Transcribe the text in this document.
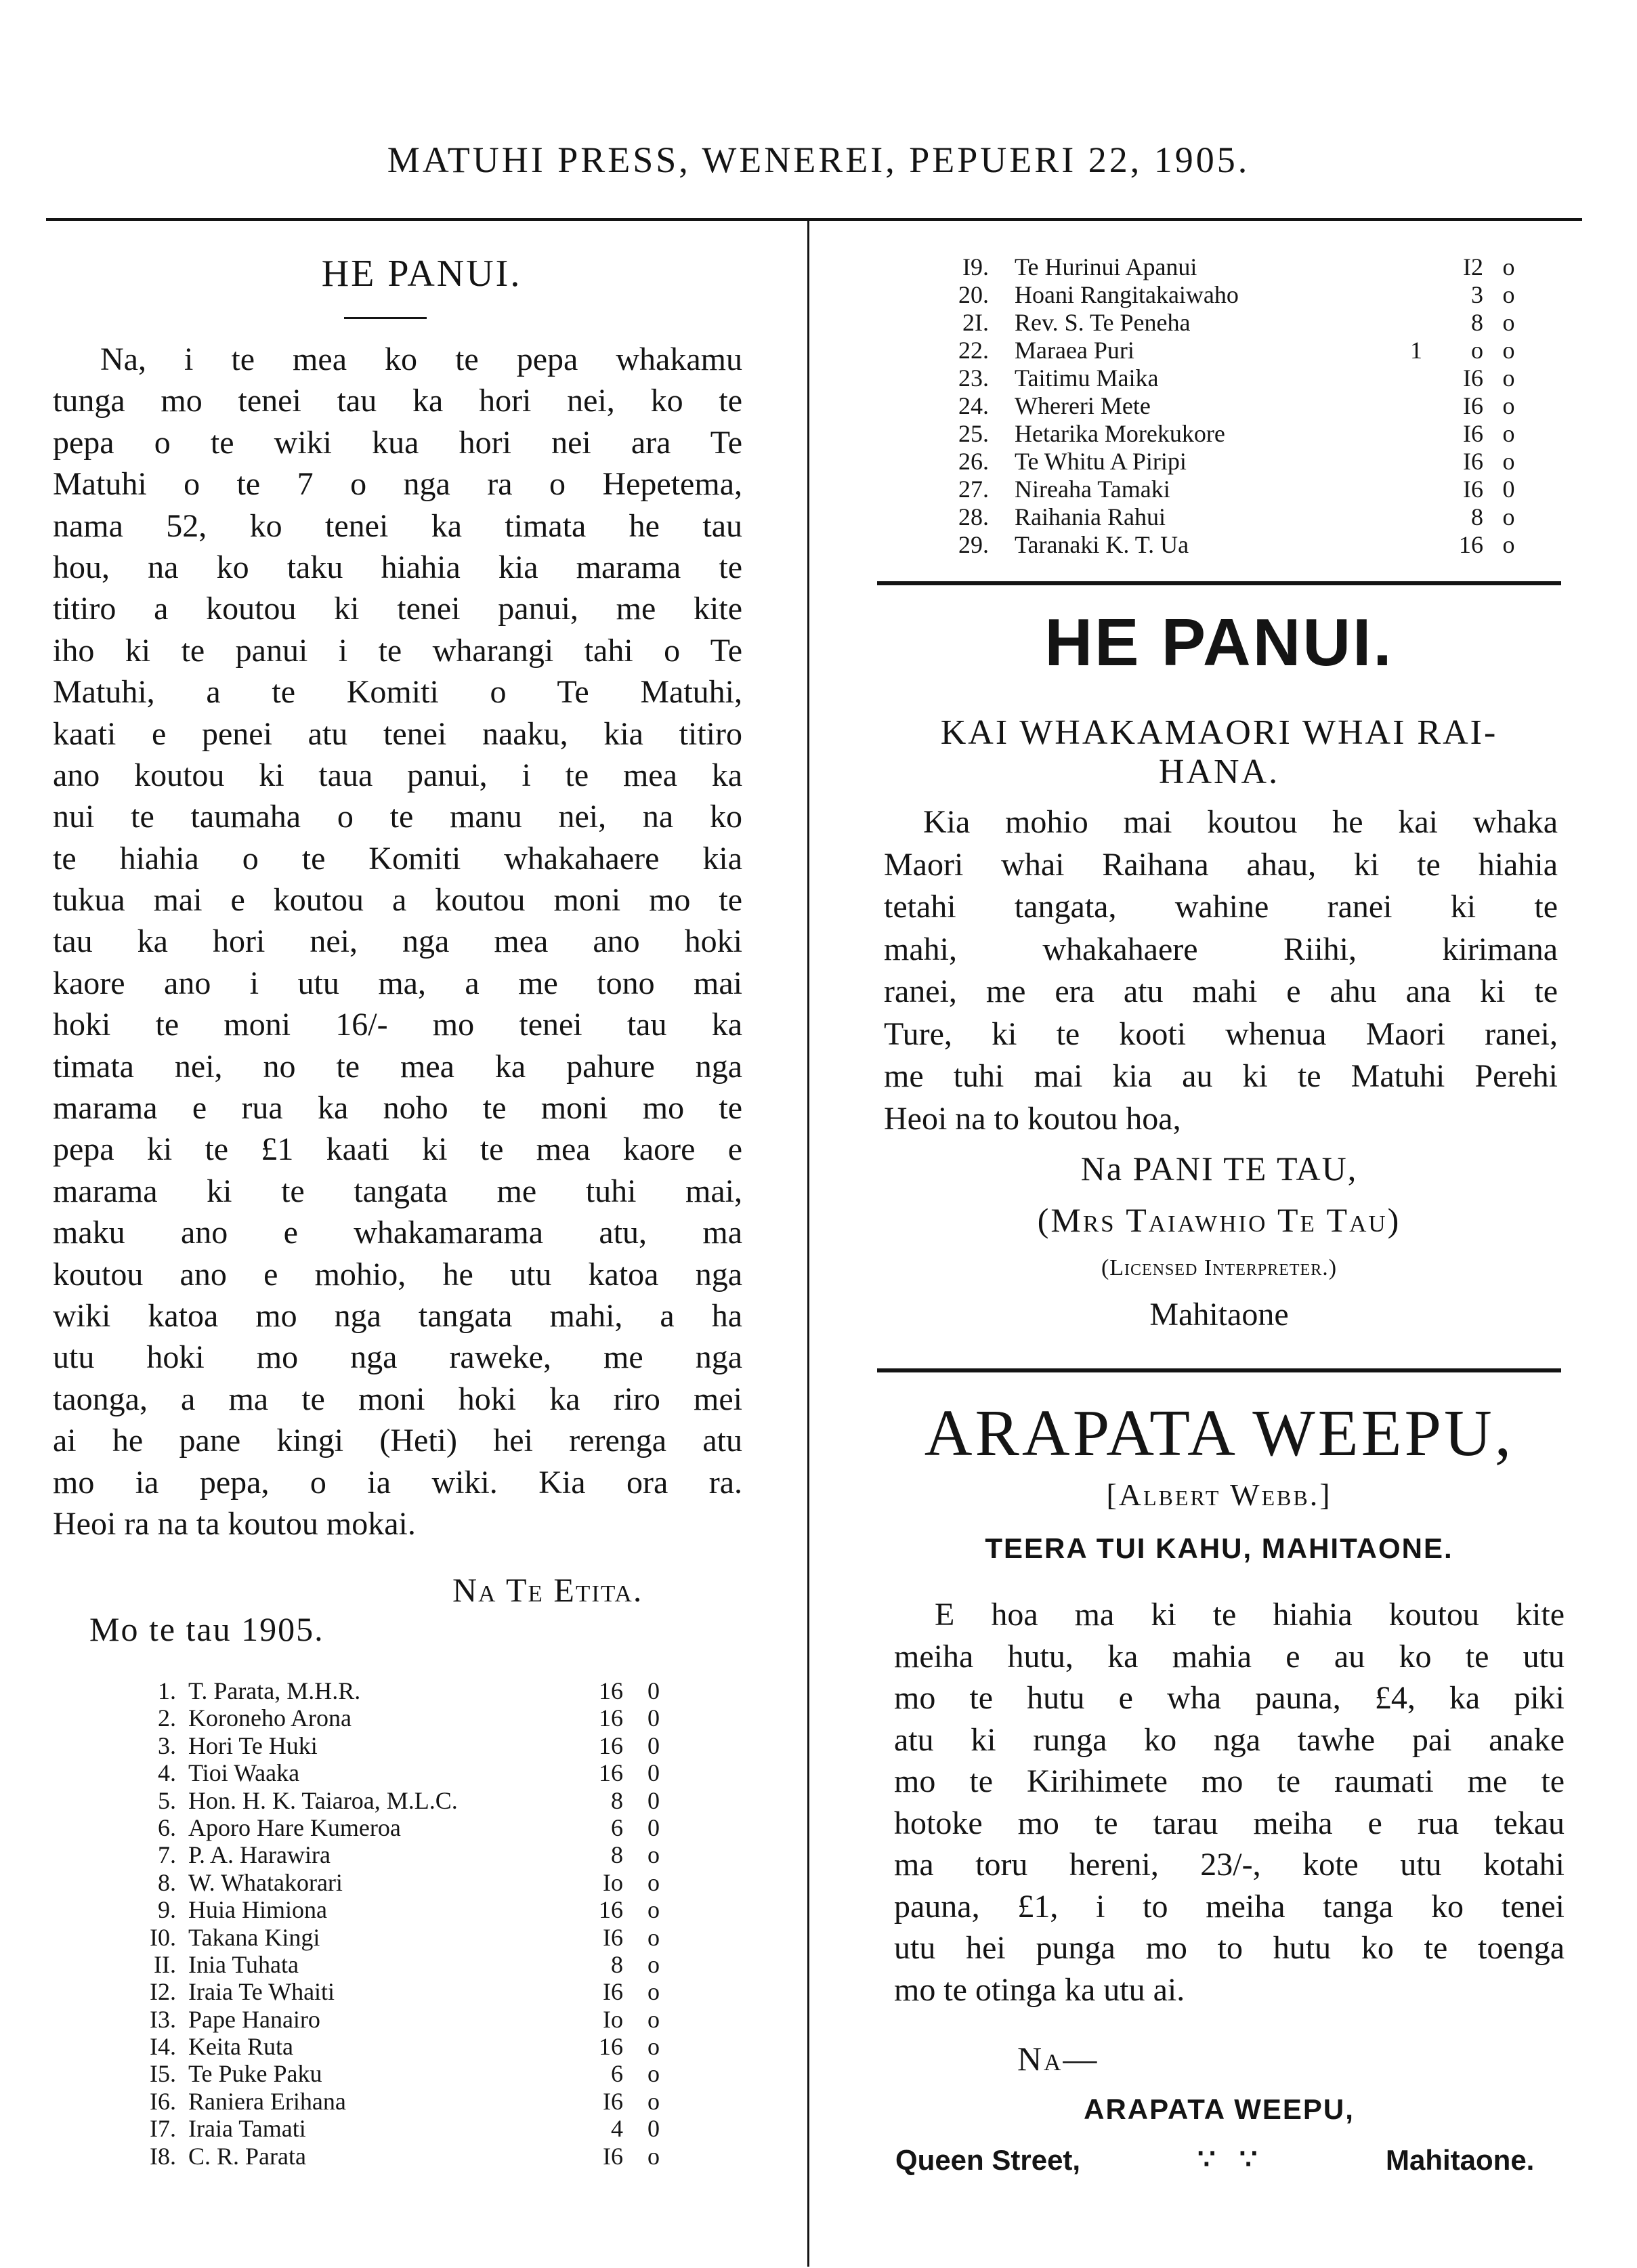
MATUHI PRESS, WENEREI, PEPUERI 22, 1905.
HE PANUI.
Na, i te mea ko te pepa whakamu
tunga mo tenei tau ka hori nei, ko te
pepa o te wiki kua hori nei ara Te
Matuhi o te 7 o nga ra o Hepetema,
nama 52, ko tenei ka timata he tau
hou, na ko taku hiahia kia marama te
titiro a koutou ki tenei panui, me kite
iho ki te panui i te wharangi tahi o Te
Matuhi, a te Komiti o Te Matuhi,
kaati e penei atu tenei naaku, kia titiro
ano koutou ki taua panui, i te mea ka
nui te taumaha o te manu nei, na ko
te hiahia o te Komiti whakahaere kia
tukua mai e koutou a koutou moni mo te
tau ka hori nei, nga mea ano hoki
kaore ano i utu ma, a me tono mai
hoki te moni 16/- mo tenei tau ka
timata nei, no te mea ka pahure nga
marama e rua ka noho te moni mo te
pepa ki te £1 kaati ki te mea kaore e
marama ki te tangata me tuhi mai,
maku ano e whakamarama atu, ma
koutou ano e mohio, he utu katoa nga
wiki katoa mo nga tangata mahi, a ha
utu hoki mo nga raweke, me nga
taonga, a ma te moni hoki ka riro mei
ai he pane kingi (Heti) hei rerenga atu
mo ia pepa, o ia wiki. Kia ora ra.
Heoi ra na ta koutou mokai.
Na Te Etita.
Mo te tau 1905.
1. T. Parata, M.H.R.	16	0
2. Koroneho Arona	16	0
3. Hori Te Huki	16	0
4. Tioi Waaka	16	0
5. Hon. H. K. Taiaroa, M.L.C.	8	0
6. Aporo Hare Kumeroa	6	0
7. P. A. Harawira	8	o
8. W. Whatakorari	Io	o
9. Huia Himiona	16	o
I0. Takana Kingi	I6	o
II. Inia Tuhata	8	o
I2. Iraia Te Whaiti	I6	o
I3. Pape Hanairo	Io	o
I4. Keita Ruta	16	o
I5. Te Puke Paku	6	o
I6. Raniera Erihana	I6	o
I7. Iraia Tamati	4	0
I8. C. R. Parata	I6	o
I9. Te Hurinui Apanui	I2 o
20. Hoani Rangitakaiwaho	3 o
2I. Rev. S. Te Peneha	8 o
22. Maraea Puri	1	o o
23. Taitimu Maika	I6 o
24. Whereri Mete	I6 o
25. Hetarika Morekukore	I6 o
26. Te Whitu A Piripi	I6 o
27. Nireaha Tamaki	I6 0
28. Raihania Rahui	8 o
29. Taranaki K. T. Ua	16 o
HE PANUI.
KAI WHAKAMAORI WHAI RAI-
HANA.
Kia mohio mai koutou he kai whaka
Maori whai Raihana ahau, ki te hiahia
tetahi tangata, wahine ranei ki te
mahi, whakahaere Riihi, kirimana
ranei, me era atu mahi e ahu ana ki te
Ture, ki te kooti whenua Maori ranei,
me tuhi mai kia au ki te Matuhi Perehi
Heoi na to koutou hoa,
Na PANI TE TAU,
(Mrs Taiawhio Te Tau)
(Licensed Interpreter.)
Mahitaone
ARAPATA WEEPU,
[Albert Webb.]
TEERA TUI KAHU, MAHITAONE.
E hoa ma ki te hiahia koutou kite
meiha hutu, ka mahia e au ko te utu
mo te hutu e wha pauna, £4, ka piki
atu ki runga ko nga tawhe pai anake
mo te Kirihimete mo te raumati me te
hotoke mo te tarau meiha e rua tekau
ma toru hereni, 23/-, kote utu kotahi
pauna, £1, i to meiha tanga ko tenei
utu hei punga mo to hutu ko te toenga
mo te otinga ka utu ai.
Na—
ARAPATA WEEPU,
Queen Street,	∵   ∵	Mahitaone.
